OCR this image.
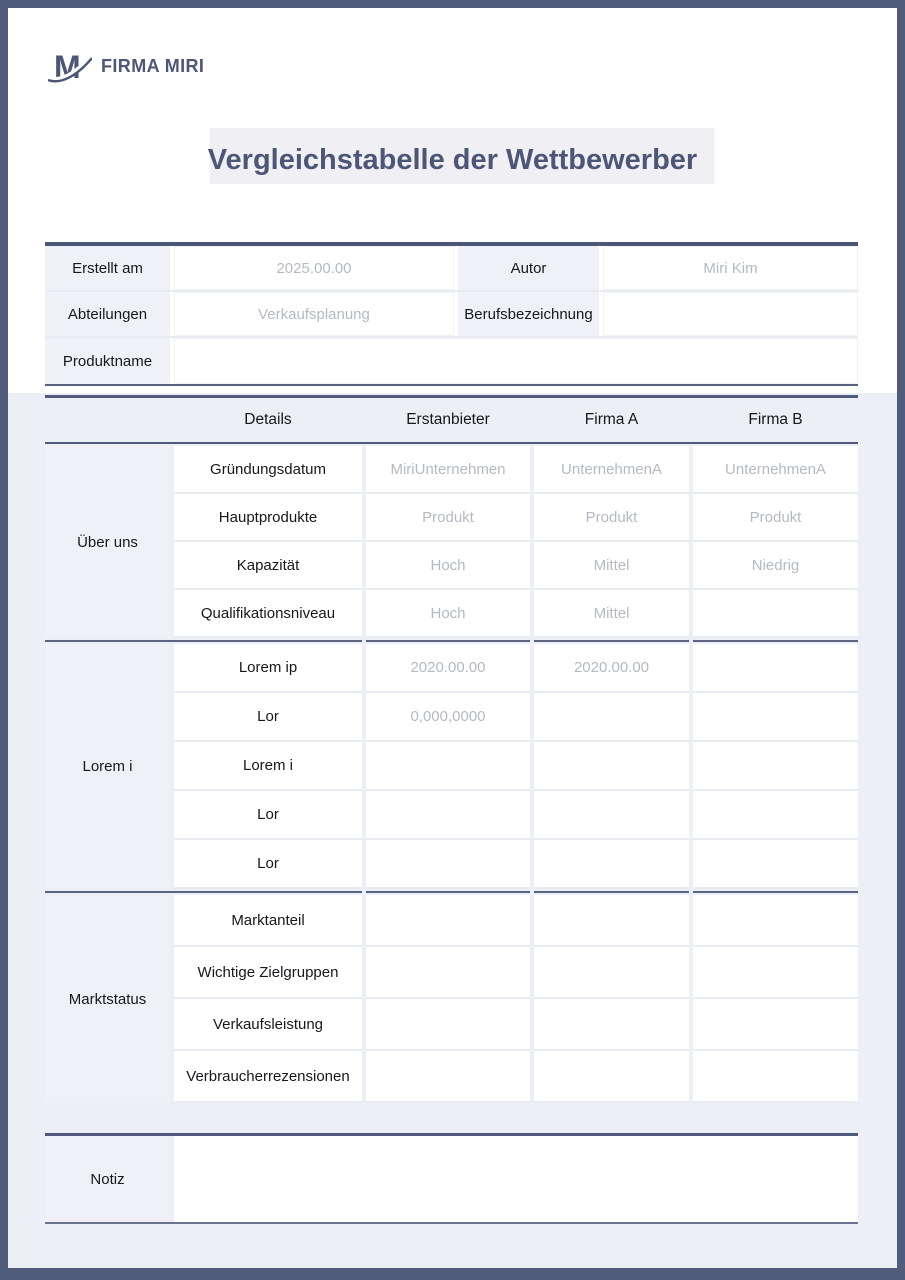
M FIRMA MIRI
Vergleichstabelle der Wettbewerber
Erstellt am	2025.00.00	Autor	Miri Kim
Abteilungen	Verkaufsplanung	Berufsbezeichnung
Produktname
Details	Erstanbieter	Firma A	Firma B
Über uns
Gründungsdatum	MiriUnternehmen	UnternehmenA	UnternehmenA
Hauptprodukte	Produkt	Produkt	Produkt
Kapazität	Hoch	Mittel	Niedrig
Qualifikationsniveau	Hoch	Mittel
Lorem i
Lorem ip	2020.00.00	2020.00.00
Lor	0,000,0000
Lorem i
Lor
Lor
Marktstatus
Marktanteil
Wichtige Zielgruppen
Verkaufsleistung
Verbraucherrezensionen
Notiz
